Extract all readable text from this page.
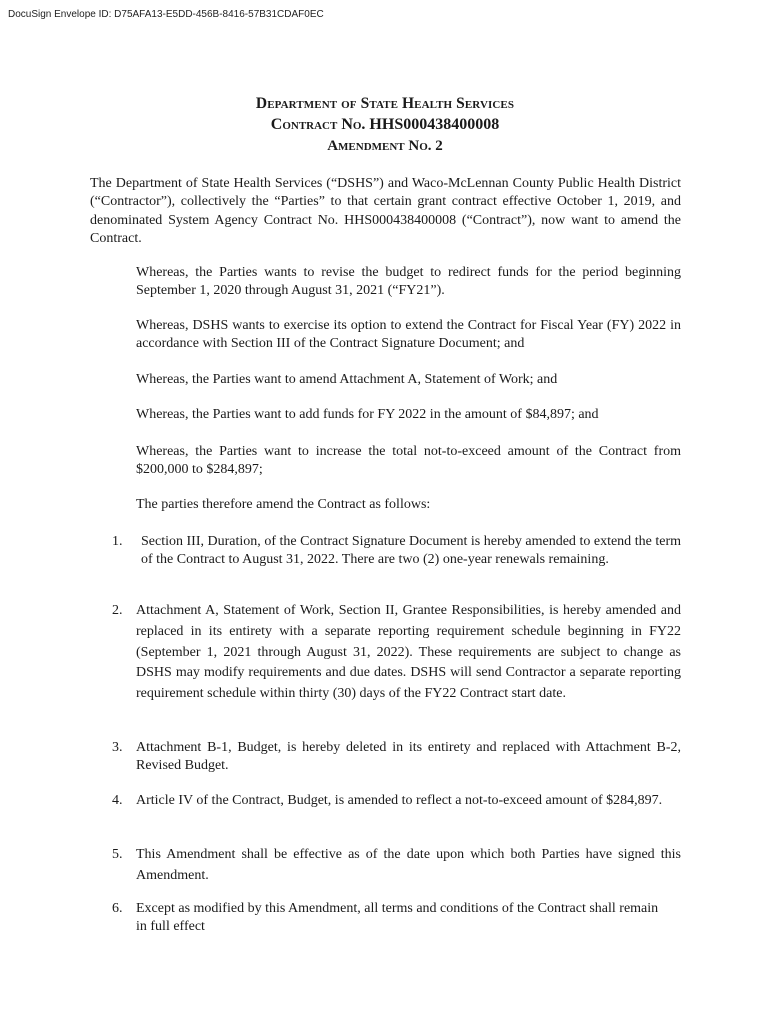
DocuSign Envelope ID: D75AFA13-E5DD-456B-8416-57B31CDAF0EC
Department of State Health Services
Contract No. HHS000438400008
Amendment No. 2
The Department of State Health Services (“DSHS”) and Waco-McLennan County Public Health District (“Contractor”), collectively the “Parties” to that certain grant contract effective October 1, 2019, and denominated System Agency Contract No. HHS000438400008 (“Contract”), now want to amend the Contract.
Whereas, the Parties wants to revise the budget to redirect funds for the period beginning September 1, 2020 through August 31, 2021 (“FY21”).
Whereas, DSHS wants to exercise its option to extend the Contract for Fiscal Year (FY) 2022 in accordance with Section III of the Contract Signature Document; and
Whereas, the Parties want to amend Attachment A, Statement of Work; and
Whereas, the Parties want to add funds for FY 2022 in the amount of $84,897; and
Whereas, the Parties want to increase the total not-to-exceed amount of the Contract from $200,000 to $284,897;
The parties therefore amend the Contract as follows:
1. Section III, Duration, of the Contract Signature Document is hereby amended to extend the term of the Contract to August 31, 2022. There are two (2) one-year renewals remaining.
2. Attachment A, Statement of Work, Section II, Grantee Responsibilities, is hereby amended and replaced in its entirety with a separate reporting requirement schedule beginning in FY22 (September 1, 2021 through August 31, 2022). These requirements are subject to change as DSHS may modify requirements and due dates. DSHS will send Contractor a separate reporting requirement schedule within thirty (30) days of the FY22 Contract start date.
3. Attachment B-1, Budget, is hereby deleted in its entirety and replaced with Attachment B-2, Revised Budget.
4. Article IV of the Contract, Budget, is amended to reflect a not-to-exceed amount of $284,897.
5. This Amendment shall be effective as of the date upon which both Parties have signed this Amendment.
6. Except as modified by this Amendment, all terms and conditions of the Contract shall remain in full effect
